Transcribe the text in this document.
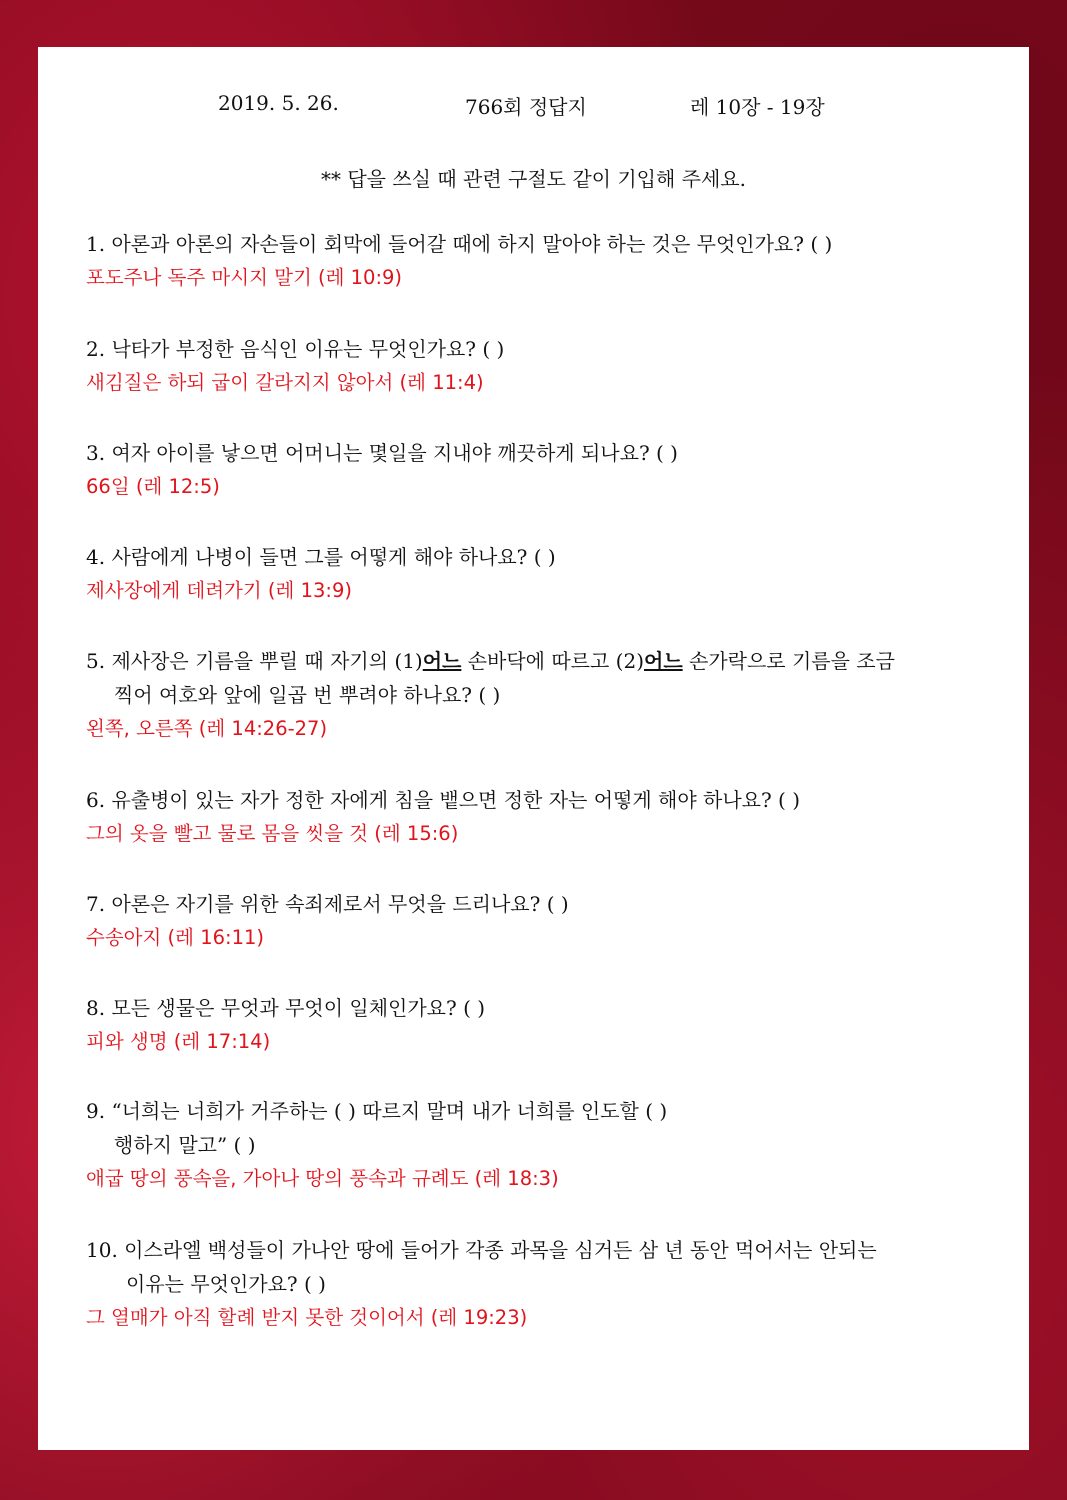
2019. 5. 26.	766회 정답지	레 10장 - 19장
** 답을 쓰실 때 관련 구절도 같이 기입해 주세요.

1. 아론과 아론의 자손들이 회막에 들어갈 때에 하지 말아야 하는 것은 무엇인가요? ( )

포도주나 독주 마시지 말기 (레 10:9)

2. 낙타가 부정한 음식인 이유는 무엇인가요? ( )

새김질은 하되 굽이 갈라지지 않아서 (레 11:4)

3. 여자 아이를 낳으면 어머니는 몇일을 지내야 깨끗하게 되나요? ( )

66일 (레 12:5)

4. 사람에게 나병이 들면 그를 어떻게 해야 하나요? ( )

제사장에게 데려가기 (레 13:9)

5. 제사장은 기름을 뿌릴 때 자기의 (1)어느 손바닥에 따르고 (2)어느 손가락으로 기름을 조금

찍어 여호와 앞에 일곱 번 뿌려야 하나요? ( )

왼쪽, 오른쪽 (레 14:26-27)

6. 유출병이 있는 자가 정한 자에게 침을 뱉으면 정한 자는 어떻게 해야 하나요? ( )

그의 옷을 빨고 물로 몸을 씻을 것 (레 15:6)

7. 아론은 자기를 위한 속죄제로서 무엇을 드리나요? ( )

수송아지 (레 16:11)

8. 모든 생물은 무엇과 무엇이 일체인가요? ( )

피와 생명 (레 17:14)

9. “너희는 너희가 거주하는 ( ) 따르지 말며 내가 너희를 인도할 ( )

행하지 말고” ( )

애굽 땅의 풍속을, 가아나 땅의 풍속과 규례도 (레 18:3)

10. 이스라엘 백성들이 가나안 땅에 들어가 각종 과목을 심거든 삼 년 동안 먹어서는 안되는

이유는 무엇인가요? ( )

그 열매가 아직 할례 받지 못한 것이어서 (레 19:23)
